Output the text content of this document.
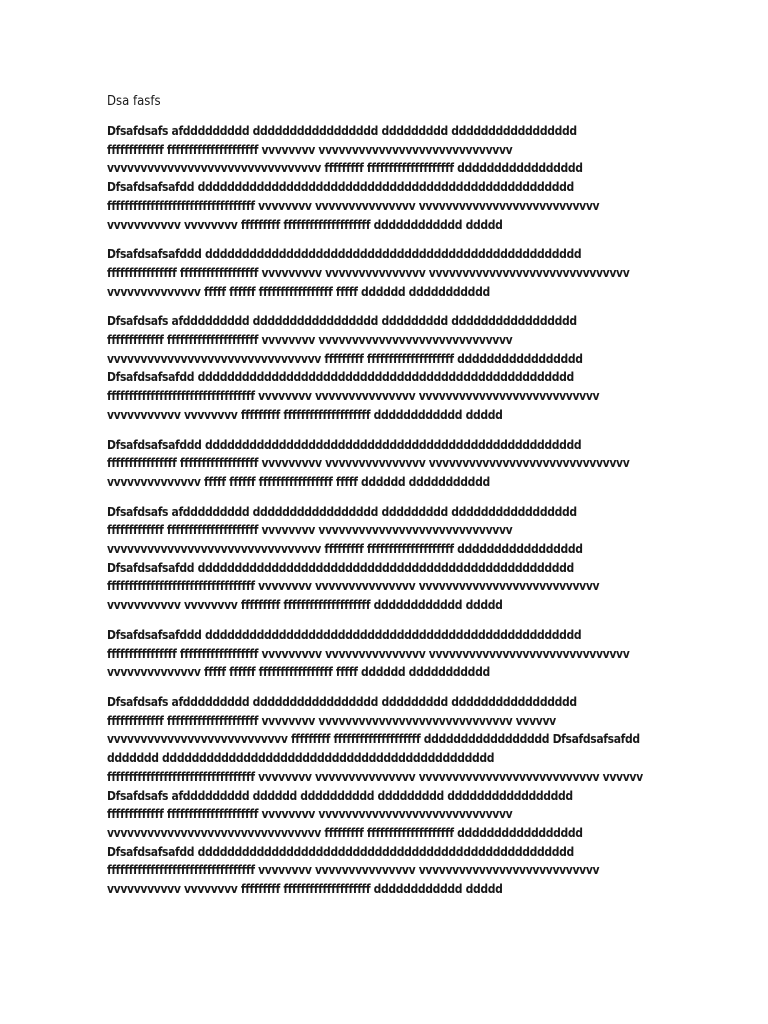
Dsa fasfs
Dfsafdsafs afddddddddd ddddddddddddddddd ddddddddd ddddddddddddddddd
fffffffffffff fffffffffffffffffffff vvvvvvvv vvvvvvvvvvvvvvvvvvvvvvvvvvvvv
vvvvvvvvvvvvvvvvvvvvvvvvvvvvvvvv fffffffff ffffffffffffffffffff ddddddddddddddddd
Dfsafdsafsafdd ddddddddddddddddddddddddddddddddddddddddddddddddddd
ffffffffffffffffffffffffffffffffff vvvvvvvv vvvvvvvvvvvvvvv vvvvvvvvvvvvvvvvvvvvvvvvvvv
vvvvvvvvvvv vvvvvvvv fffffffff ffffffffffffffffffff dddddddddddd ddddd
Dfsafdsafsafddd ddddddddddddddddddddddddddddddddddddddddddddddddddd
ffffffffffffffff ffffffffffffffffff vvvvvvvvv vvvvvvvvvvvvvvv vvvvvvvvvvvvvvvvvvvvvvvvvvvvvv
vvvvvvvvvvvvvv fffff ffffff fffffffffffffffff fffff dddddd ddddddddddd
Dfsafdsafs afddddddddd ddddddddddddddddd ddddddddd ddddddddddddddddd
fffffffffffff fffffffffffffffffffff vvvvvvvv vvvvvvvvvvvvvvvvvvvvvvvvvvvvv
vvvvvvvvvvvvvvvvvvvvvvvvvvvvvvvv fffffffff ffffffffffffffffffff ddddddddddddddddd
Dfsafdsafsafdd ddddddddddddddddddddddddddddddddddddddddddddddddddd
ffffffffffffffffffffffffffffffffff vvvvvvvv vvvvvvvvvvvvvvv vvvvvvvvvvvvvvvvvvvvvvvvvvv
vvvvvvvvvvv vvvvvvvv fffffffff ffffffffffffffffffff dddddddddddd ddddd
Dfsafdsafsafddd ddddddddddddddddddddddddddddddddddddddddddddddddddd
ffffffffffffffff ffffffffffffffffff vvvvvvvvv vvvvvvvvvvvvvvv vvvvvvvvvvvvvvvvvvvvvvvvvvvvvv
vvvvvvvvvvvvvv fffff ffffff fffffffffffffffff fffff dddddd ddddddddddd
Dfsafdsafs afddddddddd ddddddddddddddddd ddddddddd ddddddddddddddddd
fffffffffffff fffffffffffffffffffff vvvvvvvv vvvvvvvvvvvvvvvvvvvvvvvvvvvvv
vvvvvvvvvvvvvvvvvvvvvvvvvvvvvvvv fffffffff ffffffffffffffffffff ddddddddddddddddd
Dfsafdsafsafdd ddddddddddddddddddddddddddddddddddddddddddddddddddd
ffffffffffffffffffffffffffffffffff vvvvvvvv vvvvvvvvvvvvvvv vvvvvvvvvvvvvvvvvvvvvvvvvvv
vvvvvvvvvvv vvvvvvvv fffffffff ffffffffffffffffffff dddddddddddd ddddd
Dfsafdsafsafddd ddddddddddddddddddddddddddddddddddddddddddddddddddd
ffffffffffffffff ffffffffffffffffff vvvvvvvvv vvvvvvvvvvvvvvv vvvvvvvvvvvvvvvvvvvvvvvvvvvvvv
vvvvvvvvvvvvvv fffff ffffff fffffffffffffffff fffff dddddd ddddddddddd
Dfsafdsafs afddddddddd ddddddddddddddddd ddddddddd ddddddddddddddddd
fffffffffffff fffffffffffffffffffff vvvvvvvv vvvvvvvvvvvvvvvvvvvvvvvvvvvvv vvvvvv
vvvvvvvvvvvvvvvvvvvvvvvvvvv fffffffff ffffffffffffffffffff ddddddddddddddddd Dfsafdsafsafdd
ddddddd ddddddddddddddddddddddddddddddddddddddddddddd
ffffffffffffffffffffffffffffffffff vvvvvvvv vvvvvvvvvvvvvvv vvvvvvvvvvvvvvvvvvvvvvvvvvv vvvvvv
Dfsafdsafs afddddddddd dddddd dddddddddd ddddddddd ddddddddddddddddd
fffffffffffff fffffffffffffffffffff vvvvvvvv vvvvvvvvvvvvvvvvvvvvvvvvvvvvv
vvvvvvvvvvvvvvvvvvvvvvvvvvvvvvvv fffffffff ffffffffffffffffffff ddddddddddddddddd
Dfsafdsafsafdd ddddddddddddddddddddddddddddddddddddddddddddddddddd
ffffffffffffffffffffffffffffffffff vvvvvvvv vvvvvvvvvvvvvvv vvvvvvvvvvvvvvvvvvvvvvvvvvv
vvvvvvvvvvv vvvvvvvv fffffffff ffffffffffffffffffff dddddddddddd ddddd
